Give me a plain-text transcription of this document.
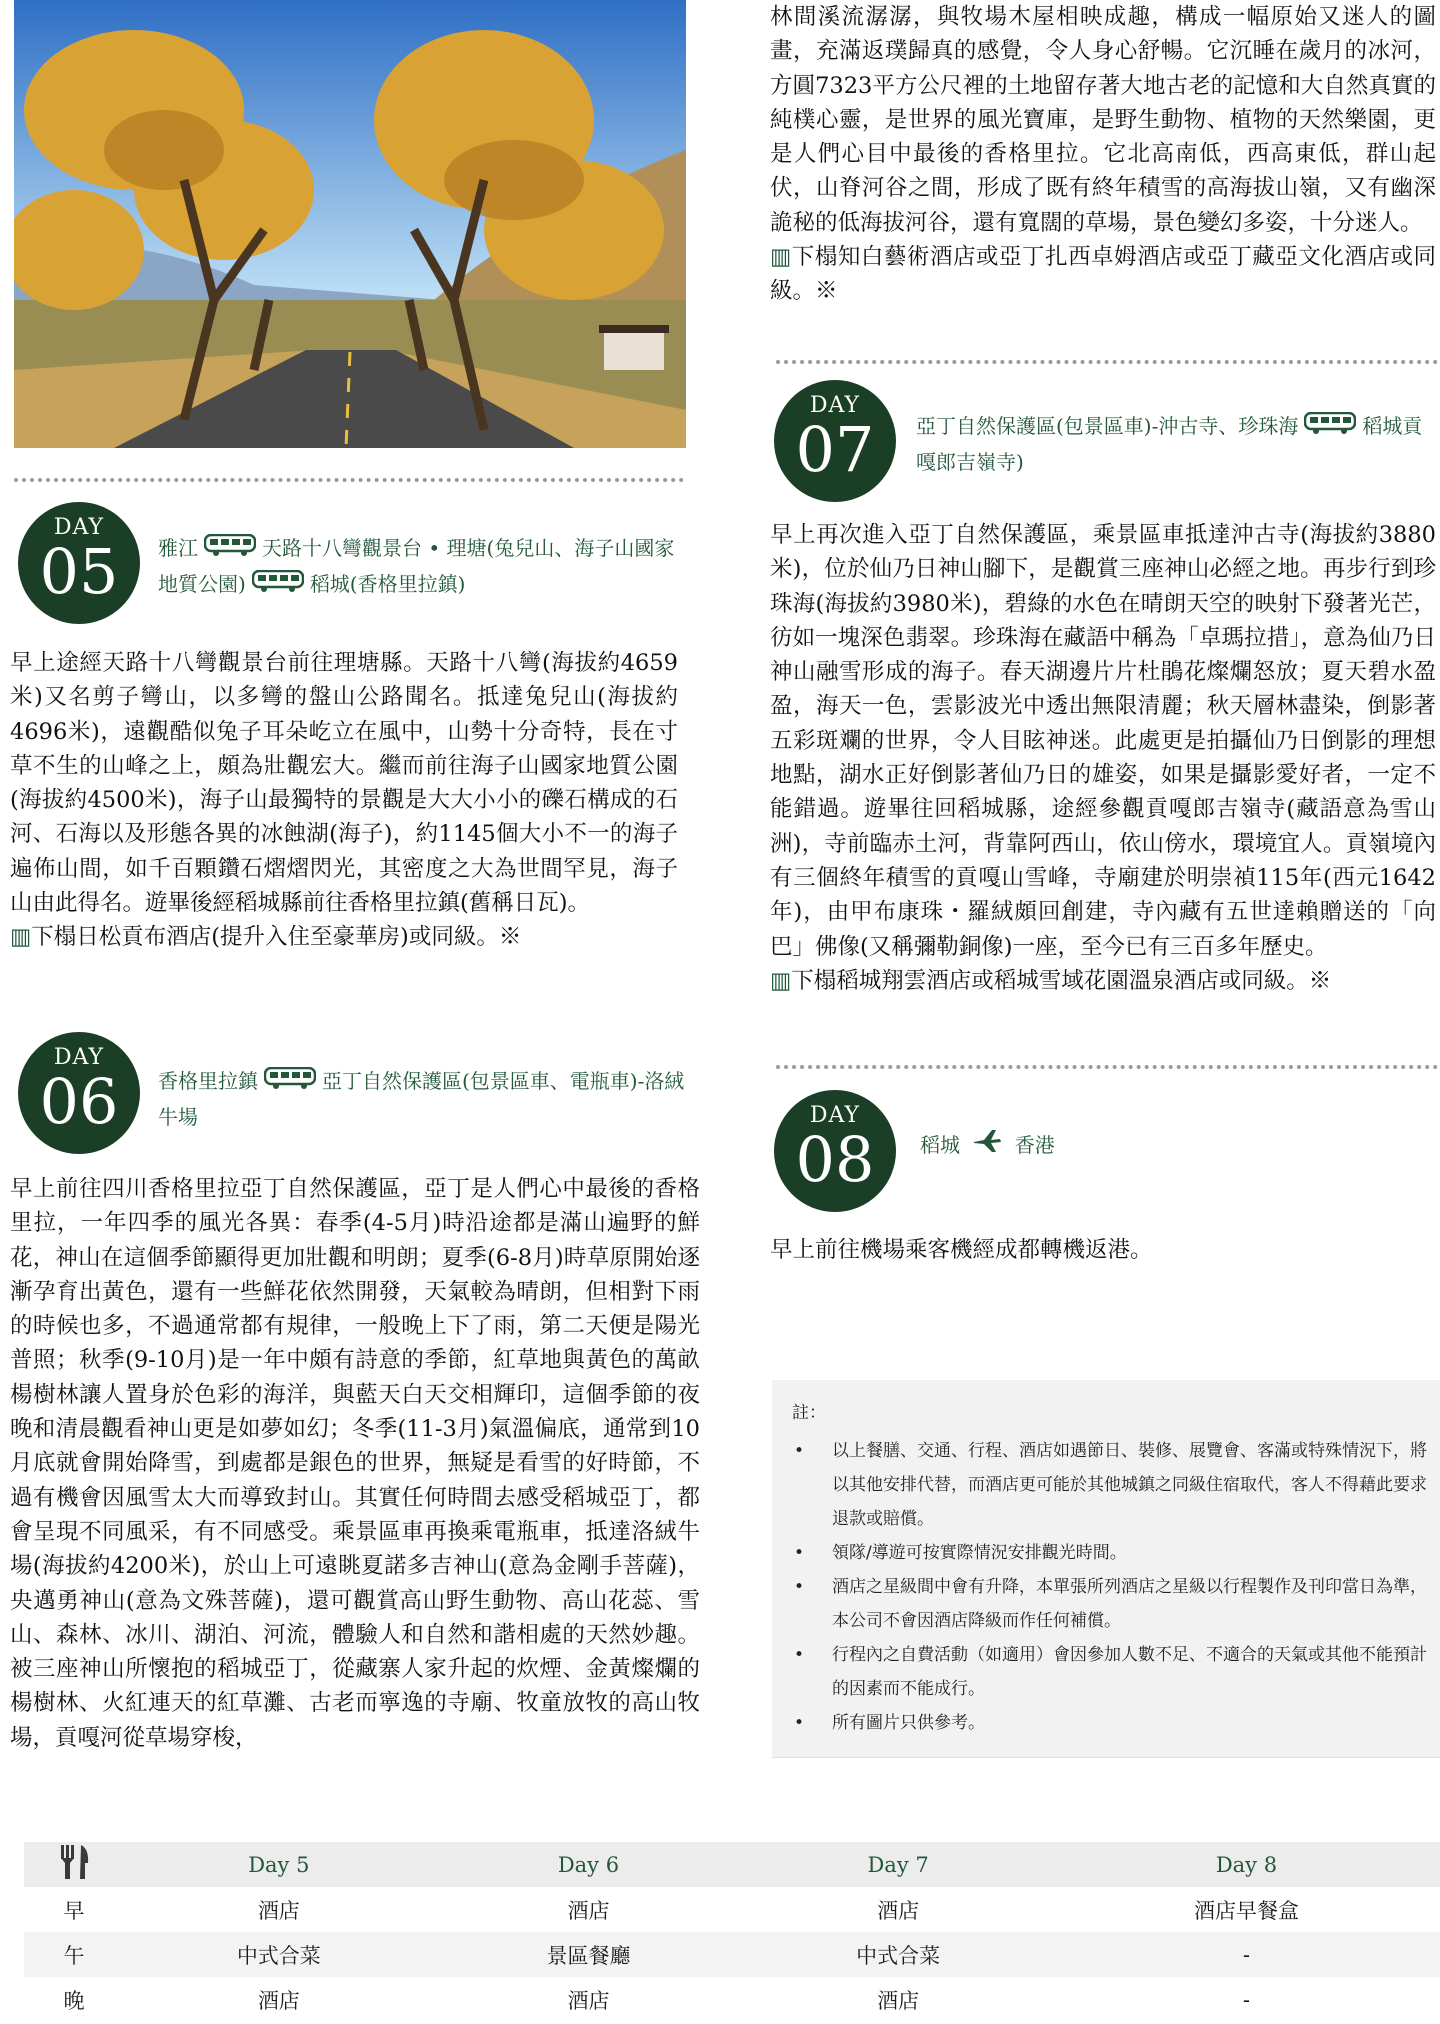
DAY
05	雅江	天路十八彎觀景台 • 理塘(兔兒山、海子山國家地質公園)	稻城(香格里拉鎮)
早上途經天路十八彎觀景台前往理塘縣。天路十八彎(海拔約4659米)又名剪子彎山，以多彎的盤山公路聞名。抵達兔兒山(海拔約4696米)，遠觀酷似兔子耳朵屹立在風中，山勢十分奇特，長在寸草不生的山峰之上，頗為壯觀宏大。繼而前往海子山國家地質公園(海拔約4500米)，海子山最獨特的景觀是大大小小的礫石構成的石河、石海以及形態各異的冰蝕湖(海子)，約1145個大小不一的海子遍佈山間，如千百顆鑽石熠熠閃光，其密度之大為世間罕見，海子山由此得名。遊畢後經稻城縣前往香格里拉鎮(舊稱日瓦)。
▥下榻日松貢布酒店(提升入住至豪華房)或同級。※
DAY
06	香格里拉鎮	亞丁自然保護區(包景區車、電瓶車)-洛絨牛場
早上前往四川香格里拉亞丁自然保護區，亞丁是人們心中最後的香格里拉，一年四季的風光各異：春季(4-5月)時沿途都是滿山遍野的鮮花，神山在這個季節顯得更加壯觀和明朗；夏季(6-8月)時草原開始逐漸孕育出黃色，還有一些鮮花依然開發，天氣較為晴朗，但相對下雨的時候也多，不過通常都有規律，一般晚上下了雨，第二天便是陽光普照；秋季(9-10月)是一年中頗有詩意的季節，紅草地與黃色的萬畝楊樹林讓人置身於色彩的海洋，與藍天白天交相輝印，這個季節的夜晚和清晨觀看神山更是如夢如幻；冬季(11-3月)氣溫偏底，通常到10月底就會開始降雪，到處都是銀色的世界，無疑是看雪的好時節，不過有機會因風雪太大而導致封山。其實任何時間去感受稻城亞丁，都會呈現不同風采，有不同感受。乘景區車再換乘電瓶車，抵達洛絨牛場(海拔約4200米)，於山上可遠眺夏諾多吉神山(意為金剛手菩薩)，央邁勇神山(意為文殊菩薩)，還可觀賞高山野生動物、高山花蕊、雪山、森林、冰川、湖泊、河流，體驗人和自然和諧相處的天然妙趣。被三座神山所懷抱的稻城亞丁，從藏寨人家升起的炊煙、金黃燦爛的楊樹林、火紅連天的紅草灘、古老而寧逸的寺廟、牧童放牧的高山牧場，貢嘎河從草場穿梭，
林間溪流潺潺，與牧場木屋相映成趣，構成一幅原始又迷人的圖畫，充滿返璞歸真的感覺，令人身心舒暢。它沉睡在歲月的冰河，方圓7323平方公尺裡的土地留存著大地古老的記憶和大自然真實的純樸心靈，是世界的風光寶庫，是野生動物、植物的天然樂園，更是人們心目中最後的香格里拉。它北高南低，西高東低，群山起伏，山脊河谷之間，形成了既有終年積雪的高海拔山嶺，又有幽深詭秘的低海拔河谷，還有寬闊的草場，景色變幻多姿，十分迷人。
▥下榻知白藝術酒店或亞丁扎西卓姆酒店或亞丁藏亞文化酒店或同級。※
DAY
07	亞丁自然保護區(包景區車)-沖古寺、珍珠海	稻城貢嘎郎吉嶺寺)
早上再次進入亞丁自然保護區，乘景區車抵達沖古寺(海拔約3880米)，位於仙乃日神山腳下，是觀賞三座神山必經之地。再步行到珍珠海(海拔約3980米)，碧綠的水色在晴朗天空的映射下發著光芒，彷如一塊深色翡翠。珍珠海在藏語中稱為「卓瑪拉措」，意為仙乃日神山融雪形成的海子。春天湖邊片片杜鵑花燦爛怒放；夏天碧水盈盈，海天一色，雲影波光中透出無限清麗；秋天層林盡染，倒影著五彩斑斕的世界，令人目眩神迷。此處更是拍攝仙乃日倒影的理想地點，湖水正好倒影著仙乃日的雄姿，如果是攝影愛好者，一定不能錯過。遊畢往回稻城縣，途經參觀貢嘎郎吉嶺寺(藏語意為雪山洲)，寺前臨赤土河，背靠阿西山，依山傍水，環境宜人。貢嶺境內有三個終年積雪的貢嘎山雪峰，寺廟建於明崇禎115年(西元1642年)，由甲布康珠・羅絨頗回創建，寺內藏有五世達賴贈送的「向巴」佛像(又稱彌勒銅像)一座，至今已有三百多年歷史。
▥下榻稻城翔雲酒店或稻城雪域花園溫泉酒店或同級。※
DAY
08	稻城	香港
早上前往機場乘客機經成都轉機返港。
註：
• 以上餐膳、交通、行程、酒店如遇節日、裝修、展覽會、客滿或特殊情況下，將以其他安排代替，而酒店更可能於其他城鎮之同級住宿取代，客人不得藉此要求退款或賠償。
• 領隊/導遊可按實際情況安排觀光時間。
• 酒店之星級間中會有升降，本單張所列酒店之星級以行程製作及刊印當日為準，本公司不會因酒店降級而作任何補償。
• 行程內之自費活動（如適用）會因參加人數不足、不適合的天氣或其他不能預計的因素而不能成行。
• 所有圖片只供參考。
	Day 5	Day 6	Day 7	Day 8
早	酒店	酒店	酒店	酒店早餐盒
午	中式合菜	景區餐廳	中式合菜	-
晚	酒店	酒店	酒店	-
